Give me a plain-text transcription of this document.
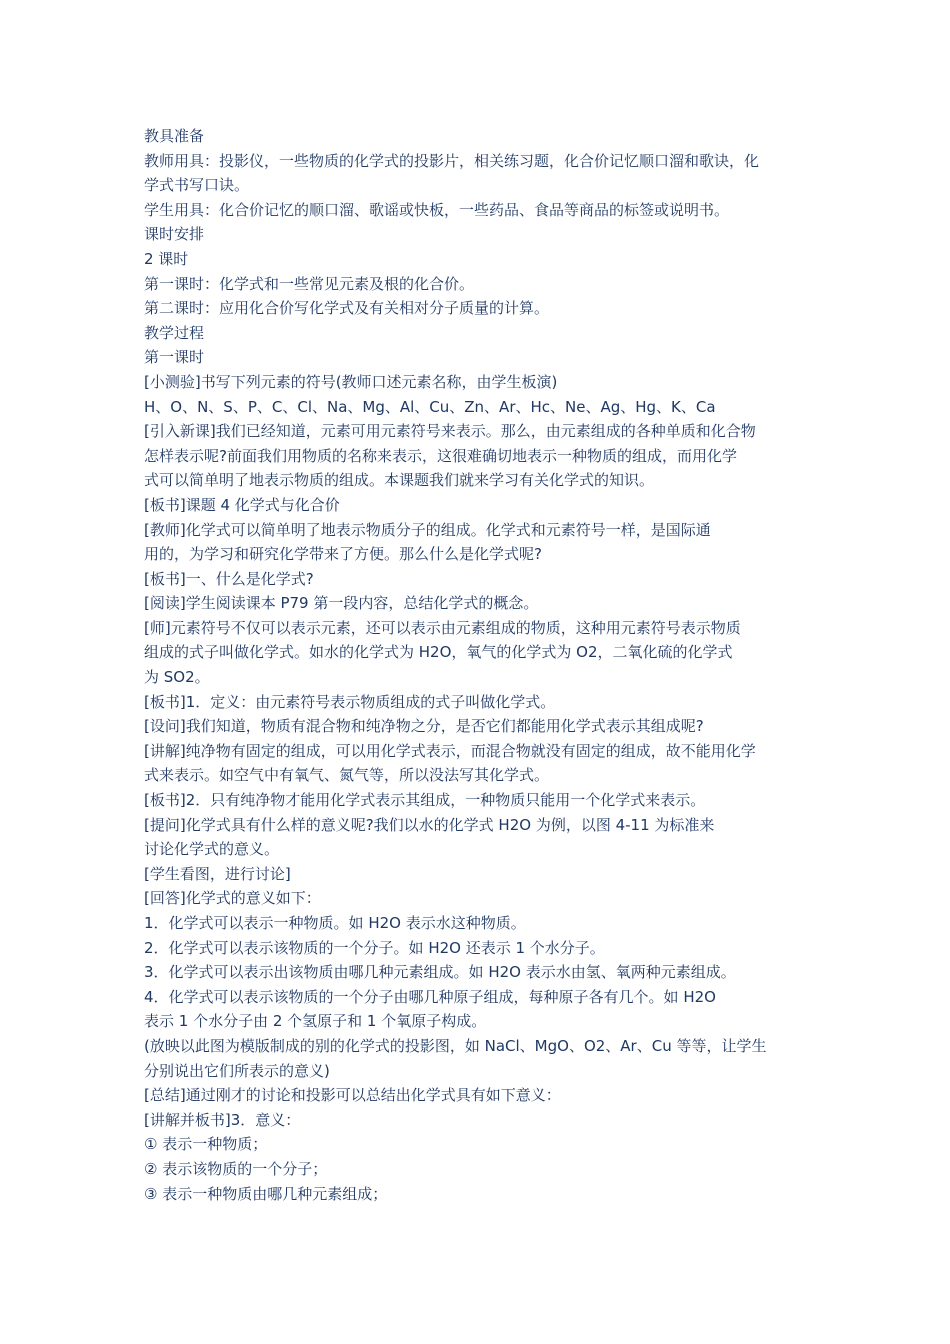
教具准备
教师用具：投影仪，一些物质的化学式的投影片，相关练习题，化合价记忆顺口溜和歌诀，化
学式书写口诀。
学生用具：化合价记忆的顺口溜、歌谣或快板，一些药品、食品等商品的标签或说明书。
课时安排
2 课时
第一课时：化学式和一些常见元素及根的化合价。
第二课时：应用化合价写化学式及有关相对分子质量的计算。
教学过程
第一课时
[小测验]书写下列元素的符号(教师口述元素名称，由学生板演)
H、O、N、S、P、C、Cl、Na、Mg、Al、Cu、Zn、Ar、Hc、Ne、Ag、Hg、K、Ca
[引入新课]我们已经知道，元素可用元素符号来表示。那么，由元素组成的各种单质和化合物
怎样表示呢?前面我们用物质的名称来表示，这很难确切地表示一种物质的组成，而用化学
式可以简单明了地表示物质的组成。本课题我们就来学习有关化学式的知识。
[板书]课题 4 化学式与化合价
[教师]化学式可以简单明了地表示物质分子的组成。化学式和元素符号一样，是国际通
用的，为学习和研究化学带来了方便。那么什么是化学式呢?
[板书]一、什么是化学式?
[阅读]学生阅读课本 P79 第一段内容，总结化学式的概念。
[师]元素符号不仅可以表示元素，还可以表示由元素组成的物质，这种用元素符号表示物质
组成的式子叫做化学式。如水的化学式为 H2O，氧气的化学式为 O2，二氧化硫的化学式
为 SO2。
[板书]1．定义：由元素符号表示物质组成的式子叫做化学式。
[设问]我们知道，物质有混合物和纯净物之分，是否它们都能用化学式表示其组成呢?
[讲解]纯净物有固定的组成，可以用化学式表示，而混合物就没有固定的组成，故不能用化学
式来表示。如空气中有氧气、氮气等，所以没法写其化学式。
[板书]2．只有纯净物才能用化学式表示其组成，一种物质只能用一个化学式来表示。
[提问]化学式具有什么样的意义呢?我们以水的化学式 H2O 为例，以图 4-11 为标准来
讨论化学式的意义。
[学生看图，进行讨论]
[回答]化学式的意义如下：
1．化学式可以表示一种物质。如 H2O 表示水这种物质。
2．化学式可以表示该物质的一个分子。如 H2O 还表示 1 个水分子。
3．化学式可以表示出该物质由哪几种元素组成。如 H2O 表示水由氢、氧两种元素组成。
4．化学式可以表示该物质的一个分子由哪几种原子组成，每种原子各有几个。如 H2O
表示 1 个水分子由 2 个氢原子和 1 个氧原子构成。
(放映以此图为模版制成的别的化学式的投影图，如 NaCl、MgO、O2、Ar、Cu 等等，让学生
分别说出它们所表示的意义)
[总结]通过刚才的讨论和投影可以总结出化学式具有如下意义：
[讲解并板书]3．意义：
① 表示一种物质；
② 表示该物质的一个分子；
③ 表示一种物质由哪几种元素组成；
